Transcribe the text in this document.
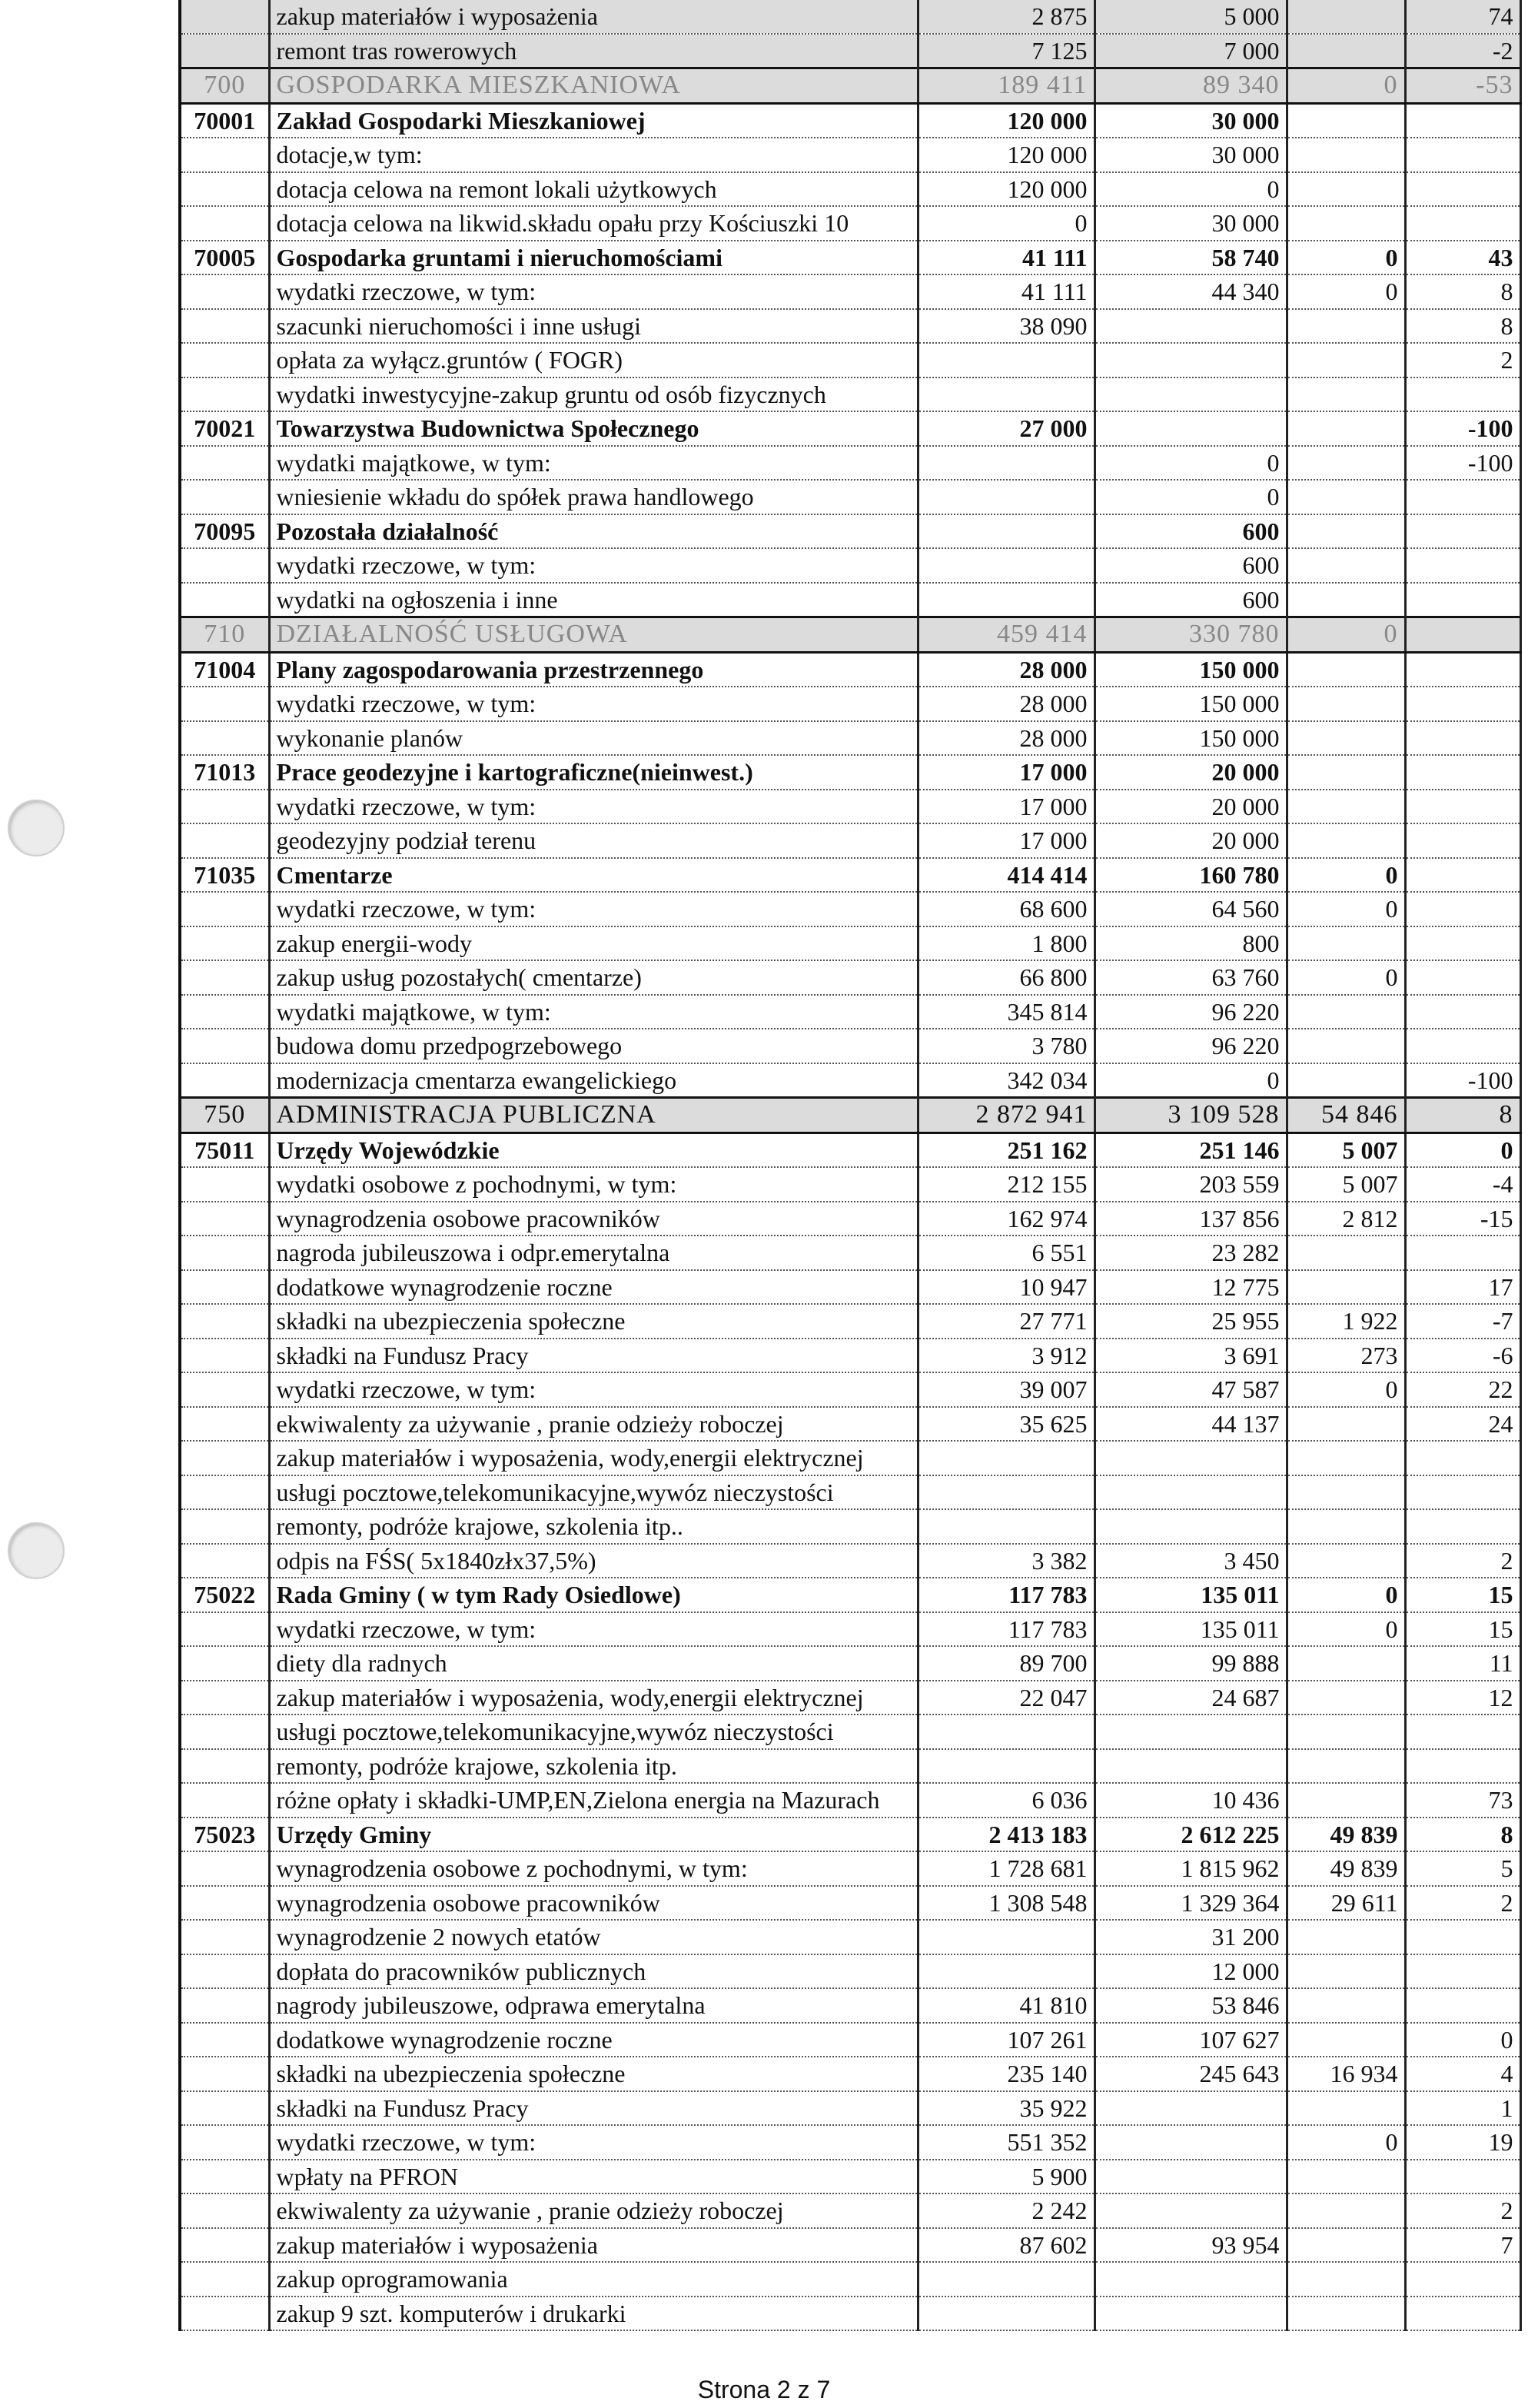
	zakup materiałów i wyposażenia	2 875	5 000		74
	remont tras rowerowych	7 125	7 000		-2
700	GOSPODARKA MIESZKANIOWA	189 411	89 340	0	-53
70001	Zakład Gospodarki Mieszkaniowej	120 000	30 000		
	dotacje,w tym:	120 000	30 000		
	dotacja celowa na remont lokali użytkowych	120 000	0		
	dotacja celowa na likwid.składu opału przy Kościuszki 10	0	30 000		
70005	Gospodarka gruntami i nieruchomościami	41 111	58 740	0	43
	wydatki rzeczowe, w tym:	41 111	44 340	0	8
	szacunki nieruchomości i inne usługi	38 090			8
	opłata za wyłącz.gruntów ( FOGR)				2
	wydatki inwestycyjne-zakup gruntu od osób fizycznych				
70021	Towarzystwa Budownictwa Społecznego	27 000			-100
	wydatki majątkowe, w tym:		0		-100
	wniesienie wkładu do spółek prawa handlowego		0		
70095	Pozostała działalność		600		
	wydatki rzeczowe, w tym:		600		
	wydatki na ogłoszenia i inne		600		
710	DZIAŁALNOŚĆ USŁUGOWA	459 414	330 780	0	
71004	Plany zagospodarowania przestrzennego	28 000	150 000		
	wydatki rzeczowe, w tym:	28 000	150 000		
	wykonanie planów	28 000	150 000		
71013	Prace geodezyjne i kartograficzne(nieinwest.)	17 000	20 000		
	wydatki rzeczowe, w tym:	17 000	20 000		
	geodezyjny podział terenu	17 000	20 000		
71035	Cmentarze	414 414	160 780	0	
	wydatki rzeczowe, w tym:	68 600	64 560	0	
	zakup energii-wody	1 800	800		
	zakup usług pozostałych( cmentarze)	66 800	63 760	0	
	wydatki majątkowe, w tym:	345 814	96 220		
	budowa domu przedpogrzebowego	3 780	96 220		
	modernizacja cmentarza ewangelickiego	342 034	0		-100
750	ADMINISTRACJA PUBLICZNA	2 872 941	3 109 528	54 846	8
75011	Urzędy Wojewódzkie	251 162	251 146	5 007	0
	wydatki osobowe z pochodnymi, w tym:	212 155	203 559	5 007	-4
	wynagrodzenia osobowe pracowników	162 974	137 856	2 812	-15
	nagroda jubileuszowa i odpr.emerytalna	6 551	23 282		
	dodatkowe wynagrodzenie roczne	10 947	12 775		17
	składki na ubezpieczenia społeczne	27 771	25 955	1 922	-7
	składki na Fundusz Pracy	3 912	3 691	273	-6
	wydatki rzeczowe, w tym:	39 007	47 587	0	22
	ekwiwalenty za używanie , pranie odzieży roboczej	35 625	44 137		24
	zakup materiałów i wyposażenia, wody,energii elektrycznej				
	usługi pocztowe,telekomunikacyjne,wywóz nieczystości				
	remonty, podróże krajowe, szkolenia itp..				
	odpis na FŚS( 5x1840złx37,5%)	3 382	3 450		2
75022	Rada Gminy ( w tym Rady Osiedlowe)	117 783	135 011	0	15
	wydatki rzeczowe, w tym:	117 783	135 011	0	15
	diety dla radnych	89 700	99 888		11
	zakup materiałów i wyposażenia, wody,energii elektrycznej	22 047	24 687		12
	usługi pocztowe,telekomunikacyjne,wywóz nieczystości				
	remonty, podróże krajowe, szkolenia itp.				
	różne opłaty i składki-UMP,EN,Zielona energia na Mazurach	6 036	10 436		73
75023	Urzędy Gminy	2 413 183	2 612 225	49 839	8
	wynagrodzenia osobowe z pochodnymi, w tym:	1 728 681	1 815 962	49 839	5
	wynagrodzenia osobowe pracowników	1 308 548	1 329 364	29 611	2
	wynagrodzenie 2 nowych etatów		31 200		
	dopłata do pracowników publicznych		12 000		
	nagrody jubileuszowe, odprawa emerytalna	41 810	53 846		
	dodatkowe wynagrodzenie roczne	107 261	107 627		0
	składki na ubezpieczenia społeczne	235 140	245 643	16 934	4
	składki na Fundusz Pracy	35 922			1
	wydatki rzeczowe, w tym:	551 352		0	19
	wpłaty na PFRON	5 900			
	ekwiwalenty za używanie , pranie odzieży roboczej	2 242			2
	zakup materiałów i wyposażenia	87 602	93 954		7
	zakup oprogramowania				
	zakup 9 szt. komputerów i drukarki				
Strona 2 z 7
